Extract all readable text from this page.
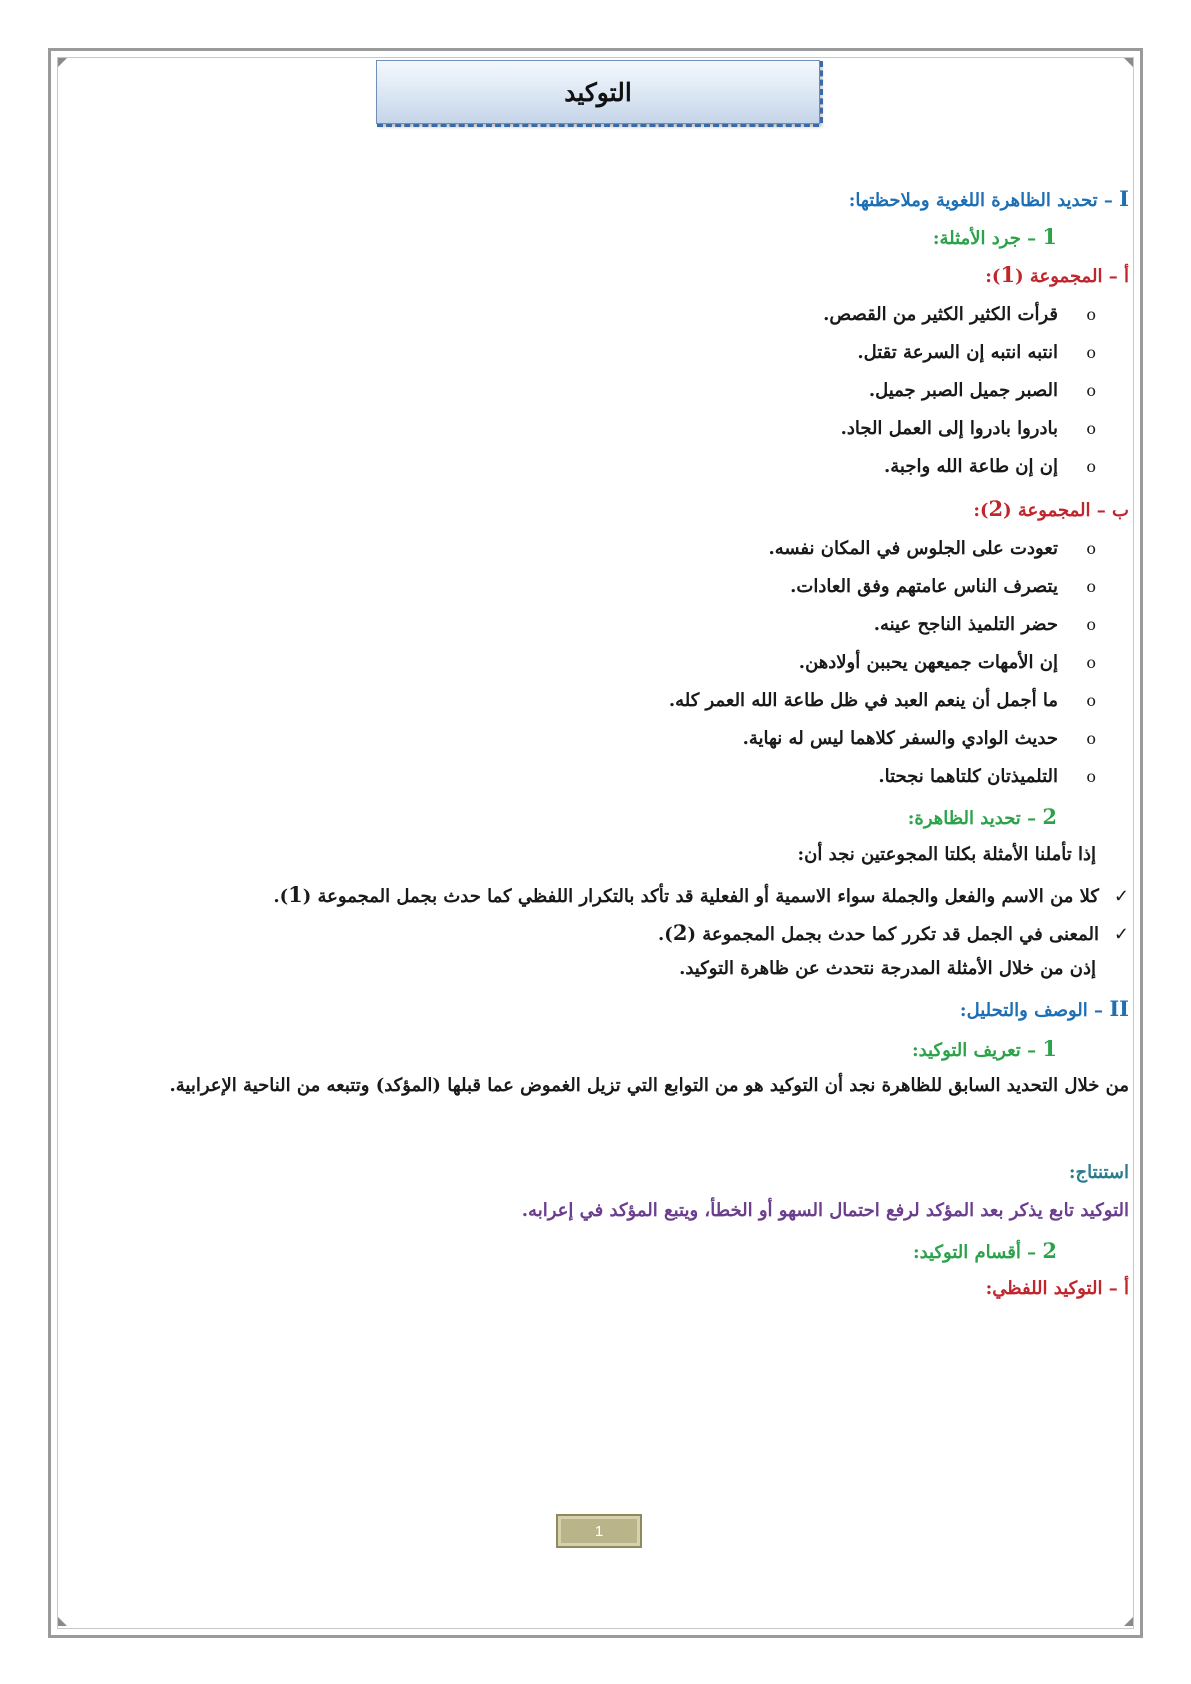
التوكيد
I – تحديد الظاهرة اللغوية وملاحظتها:
1 – جرد الأمثلة:
أ – المجموعة (1):
oقرأت الكثير الكثير من القصص.
oانتبه انتبه إن السرعة تقتل.
oالصبر جميل الصبر جميل.
oبادروا بادروا إلى العمل الجاد.
oإن إن طاعة الله واجبة.
ب – المجموعة (2):
oتعودت على الجلوس في المكان نفسه.
oيتصرف الناس عامتهم وفق العادات.
oحضر التلميذ الناجح عينه.
oإن الأمهات جميعهن يحببن أولادهن.
oما أجمل أن ينعم العبد في ظل طاعة الله العمر كله.
oحديث الوادي والسفر كلاهما ليس له نهاية.
oالتلميذتان كلتاهما نجحتا.
2 – تحديد الظاهرة:
إذا تأملنا الأمثلة بكلتا المجوعتين نجد أن:
✓كلا من الاسم والفعل والجملة سواء الاسمية أو الفعلية قد تأكد بالتكرار اللفظي كما حدث بجمل المجموعة (1).
✓المعنى في الجمل قد تكرر كما حدث بجمل المجموعة (2).
إذن من خلال الأمثلة المدرجة نتحدث عن ظاهرة التوكيد.
II – الوصف والتحليل:
1 – تعريف التوكيد:
من خلال التحديد السابق للظاهرة نجد أن التوكيد هو من التوابع التي تزيل الغموض عما قبلها (المؤكد) وتتبعه من الناحية الإعرابية.
استنتاج:
التوكيد تابع يذكر بعد المؤكد لرفع احتمال السهو أو الخطأ، ويتبع المؤكد في إعرابه.
2 – أقسام التوكيد:
أ – التوكيد اللفظي:
1
